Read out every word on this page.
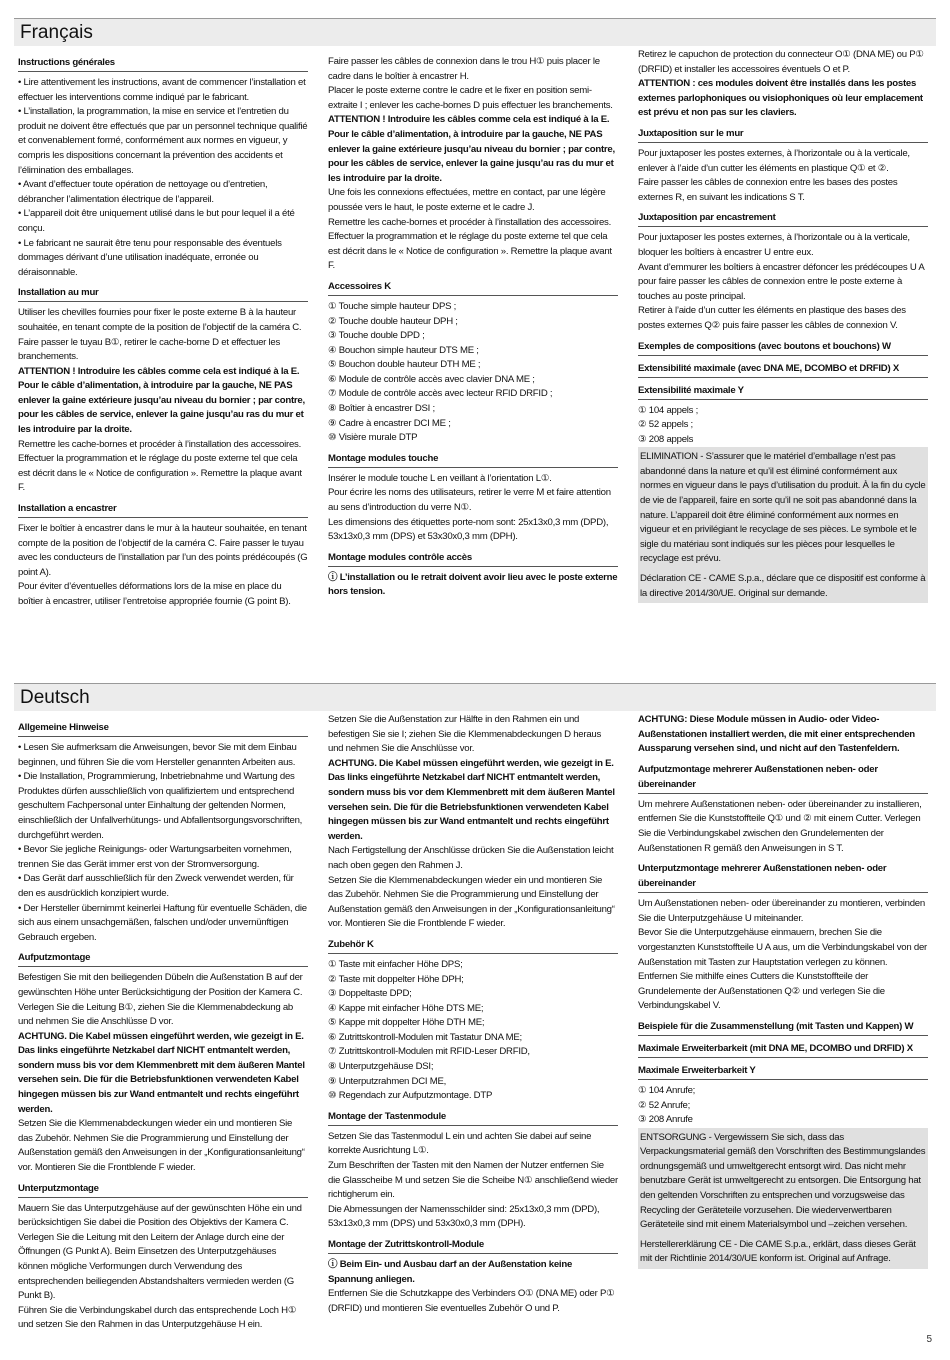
Français
Instructions générales

• Lire attentivement les instructions, avant de commencer l’installation et effectuer les interventions comme indiqué par le fabricant.

• L’installation, la programmation, la mise en service et l’entretien du produit ne doivent être effectués que par un personnel technique qualifié et convenablement formé, conformément aux normes en vigueur, y compris les dispositions concernant la prévention des accidents et l’élimination des emballages.

• Avant d’effectuer toute opération de nettoyage ou d’entretien, débrancher l’alimentation électrique de l’appareil.

• L’appareil doit être uniquement utilisé dans le but pour lequel il a été conçu.

• Le fabricant ne saurait être tenu pour responsable des éventuels dommages dérivant d’une utilisation inadéquate, erronée ou déraisonnable.

Installation au mur

Utiliser les chevilles fournies pour fixer le poste externe B à la hauteur souhaitée, en tenant compte de la position de l’objectif de la caméra C.

Faire passer le tuyau B①, retirer le cache-borne D et effectuer les branchements.

ATTENTION ! Introduire les câbles comme cela est indiqué à la E. Pour le câble d’alimentation, à introduire par la gauche, NE PAS enlever la gaine extérieure jusqu’au niveau du bornier ; par contre, pour les câbles de service, enlever la gaine jusqu’au ras du mur et les introduire par la droite.

Remettre les cache-bornes et procéder à l’installation des accessoires. Effectuer la programmation et le réglage du poste externe tel que cela est décrit dans le « Notice de configuration ». Remettre la plaque avant F.

Installation a encastrer

Fixer le boîtier à encastrer dans le mur à la hauteur souhaitée, en tenant compte de la position de l’objectif de la caméra C. Faire passer le tuyau avec les conducteurs de l’installation par l’un des points prédécoupés (G point A).

Pour éviter d’éventuelles déformations lors de la mise en place du boîtier à encastrer, utiliser l’entretoise appropriée fournie (G point B).

Faire passer les câbles de connexion dans le trou H① puis placer le cadre dans le boîtier à encastrer H.

Placer le poste externe contre le cadre et le fixer en position semi-extraite I ; enlever les cache-bornes D puis effectuer les branchements.

ATTENTION ! Introduire les câbles comme cela est indiqué à la E. Pour le câble d’alimentation, à introduire par la gauche, NE PAS enlever la gaine extérieure jusqu’au niveau du bornier ; par contre, pour les câbles de service, enlever la gaine jusqu’au ras du mur et les introduire par la droite.

Une fois les connexions effectuées, mettre en contact, par une légère poussée vers le haut, le poste externe et le cadre J.

Remettre les cache-bornes et procéder à l’installation des accessoires. Effectuer la programmation et le réglage du poste externe tel que cela est décrit dans le « Notice de configuration ». Remettre la plaque avant F.

Accessoires K

① Touche simple hauteur DPS ;

② Touche double hauteur DPH ;

③ Touche double DPD ;

④ Bouchon simple hauteur DTS ME ;

⑤ Bouchon double hauteur DTH ME ;

⑥ Module de contrôle accès avec clavier DNA ME ;

⑦ Module de contrôle accès avec lecteur RFID DRFID ;

⑧ Boîtier à encastrer DSI ;

⑨ Cadre à encastrer DCI ME ;

⑩ Visière murale DTP

Montage modules touche

Insérer le module touche L en veillant à l’orientation L①.

Pour écrire les noms des utilisateurs, retirer le verre M et faire attention au sens d’introduction du verre N①.

Les dimensions des étiquettes porte-nom sont: 25x13x0,3 mm (DPD), 53x13x0,3 mm (DPS) et 53x30x0,3 mm (DPH).

Montage modules contrôle accès

ⓘ L’installation ou le retrait doivent avoir lieu avec le poste externe hors tension.

Retirez le capuchon de protection du connecteur O① (DNA ME) ou P① (DRFID) et installer les accessoires éventuels O et P.

ATTENTION : ces modules doivent être installés dans les postes externes parlophoniques ou visiophoniques où leur emplacement est prévu et non pas sur les claviers.

Juxtaposition sur le mur

Pour juxtaposer les postes externes, à l’horizontale ou à la verticale, enlever à l’aide d’un cutter les éléments en plastique Q① et ②.

Faire passer les câbles de connexion entre les bases des postes externes R, en suivant les indications S T.

Juxtaposition par encastrement

Pour juxtaposer les postes externes, à l’horizontale ou à la verticale, bloquer les boîtiers à encastrer U entre eux.

Avant d’emmurer les boîtiers à encastrer défoncer les prédécoupes U A pour faire passer les câbles de connexion entre le poste externe à touches au poste principal.

Retirer à l’aide d’un cutter les éléments en plastique des bases des postes externes Q② puis faire passer les câbles de connexion V.

Exemples de compositions (avec boutons et bouchons) W
Extensibilité maximale (avec DNA ME, DCOMBO et DRFID) X
Extensibilité maximale Y

① 104 appels ;

② 52 appels ;

③ 208 appels

ELIMINATION - S’assurer que le matériel d’emballage n’est pas abandonné dans la nature et qu’il est éliminé conformément aux normes en vigueur dans le pays d’utilisation du produit. À la fin du cycle de vie de l’appareil, faire en sorte qu’il ne soit pas abandonné dans la nature. L’appareil doit être éliminé conformément aux normes en vigueur et en privilégiant le recyclage de ses pièces. Le symbole et le sigle du matériau sont indiqués sur les pièces pour lesquelles le recyclage est prévu.

Déclaration CE - CAME S.p.a., déclare que ce dispositif est conforme à la directive 2014/30/UE. Original sur demande.

Deutsch
Allgemeine Hinweise

• Lesen Sie aufmerksam die Anweisungen, bevor Sie mit dem Einbau beginnen, und führen Sie die vom Hersteller genannten Arbeiten aus.

• Die Installation, Programmierung, Inbetriebnahme und Wartung des Produktes dürfen ausschließlich von qualifiziertem und entsprechend geschultem Fachpersonal unter Einhaltung der geltenden Normen, einschließlich der Unfallverhütungs- und Abfallentsorgungsvorschriften, durchgeführt werden.

• Bevor Sie jegliche Reinigungs- oder Wartungsarbeiten vornehmen, trennen Sie das Gerät immer erst von der Stromversorgung.

• Das Gerät darf ausschließlich für den Zweck verwendet werden, für den es ausdrücklich konzipiert wurde.

• Der Hersteller übernimmt keinerlei Haftung für eventuelle Schäden, die sich aus einem unsachgemäßen, falschen und/oder unvernünftigen Gebrauch ergeben.

Aufputzmontage

Befestigen Sie mit den beiliegenden Dübeln die Außenstation B auf der gewünschten Höhe unter Berücksichtigung der Position der Kamera C. Verlegen Sie die Leitung B①, ziehen Sie die Klemmenabdeckung ab und nehmen Sie die Anschlüsse D vor.

ACHTUNG. Die Kabel müssen eingeführt werden, wie gezeigt in E. Das links eingeführte Netzkabel darf NICHT entmantelt werden, sondern muss bis vor dem Klemmenbrett mit dem äußeren Mantel versehen sein. Die für die Betriebsfunktionen verwendeten Kabel hingegen müssen bis zur Wand entmantelt und rechts eingeführt werden.

Setzen Sie die Klemmenabdeckungen wieder ein und montieren Sie das Zubehör. Nehmen Sie die Programmierung und Einstellung der Außenstation gemäß den Anweisungen in der „Konfigurationsanleitung“ vor. Montieren Sie die Frontblende F wieder.

Unterputzmontage

Mauern Sie das Unterputzgehäuse auf der gewünschten Höhe ein und berücksichtigen Sie dabei die Position des Objektivs der Kamera C. Verlegen Sie die Leitung mit den Leitern der Anlage durch eine der Öffnungen (G Punkt A). Beim Einsetzen des Unterputzgehäuses können mögliche Verformungen durch Verwendung des entsprechenden beiliegenden Abstandshalters vermieden werden (G Punkt B).

Führen Sie die Verbindungskabel durch das entsprechende Loch H① und setzen Sie den Rahmen in das Unterputzgehäuse H ein.

Setzen Sie die Außenstation zur Hälfte in den Rahmen ein und befestigen Sie sie I; ziehen Sie die Klemmenabdeckungen D heraus und nehmen Sie die Anschlüsse vor.

ACHTUNG. Die Kabel müssen eingeführt werden, wie gezeigt in E. Das links eingeführte Netzkabel darf NICHT entmantelt werden, sondern muss bis vor dem Klemmenbrett mit dem äußeren Mantel versehen sein. Die für die Betriebsfunktionen verwendeten Kabel hingegen müssen bis zur Wand entmantelt und rechts eingeführt werden.

Nach Fertigstellung der Anschlüsse drücken Sie die Außenstation leicht nach oben gegen den Rahmen J.

Setzen Sie die Klemmenabdeckungen wieder ein und montieren Sie das Zubehör. Nehmen Sie die Programmierung und Einstellung der Außenstation gemäß den Anweisungen in der „Konfigurationsanleitung“ vor. Montieren Sie die Frontblende F wieder.

Zubehör K

① Taste mit einfacher Höhe DPS;

② Taste mit doppelter Höhe DPH;

③ Doppeltaste DPD;

④ Kappe mit einfacher Höhe DTS ME;

⑤ Kappe mit doppelter Höhe DTH ME;

⑥ Zutrittskontroll-Modulen mit Tastatur DNA ME;

⑦ Zutrittskontroll-Modulen mit RFID-Leser DRFID,

⑧ Unterputzgehäuse DSI;

⑨ Unterputzrahmen DCI ME,

⑩ Regendach zur Aufputzmontage. DTP

Montage der Tastenmodule

Setzen Sie das Tastenmodul L ein und achten Sie dabei auf seine korrekte Ausrichtung L①.

Zum Beschriften der Tasten mit den Namen der Nutzer entfernen Sie die Glasscheibe M und setzen Sie die Scheibe N① anschließend wieder richtigherum ein.

Die Abmessungen der Namensschilder sind: 25x13x0,3 mm (DPD), 53x13x0,3 mm (DPS) und 53x30x0,3 mm (DPH).

Montage der Zutrittskontroll-Module

ⓘ Beim Ein- und Ausbau darf an der Außenstation keine Spannung anliegen.

Entfernen Sie die Schutzkappe des Verbinders O① (DNA ME) oder P① (DRFID) und montieren Sie eventuelles Zubehör O und P.

ACHTUNG: Diese Module müssen in Audio- oder Video-Außenstationen installiert werden, die mit einer entsprechenden Aussparung versehen sind, und nicht auf den Tastenfeldern.

Aufputzmontage mehrerer Außenstationen neben- oder übereinander

Um mehrere Außenstationen neben- oder übereinander zu installieren, entfernen Sie die Kunststoffteile Q① und ② mit einem Cutter. Verlegen Sie die Verbindungskabel zwischen den Grundelementen der Außenstationen R gemäß den Anweisungen in S T.

Unterputzmontage mehrerer Außenstationen neben- oder übereinander

Um Außenstationen neben- oder übereinander zu montieren, verbinden Sie die Unterputzgehäuse U miteinander.

Bevor Sie die Unterputzgehäuse einmauern, brechen Sie die vorgestanzten Kunststoffteile U A aus, um die Verbindungskabel von der Außenstation mit Tasten zur Hauptstation verlegen zu können.

Entfernen Sie mithilfe eines Cutters die Kunststoffteile der Grundelemente der Außenstationen Q② und verlegen Sie die Verbindungskabel V.

Beispiele für die Zusammenstellung (mit Tasten und Kappen) W
Maximale Erweiterbarkeit (mit DNA ME, DCOMBO und DRFID) X
Maximale Erweiterbarkeit Y

① 104 Anrufe;

② 52 Anrufe;

③ 208 Anrufe

ENTSORGUNG - Vergewissern Sie sich, dass das Verpackungsmaterial gemäß den Vorschriften des Bestimmungslandes ordnungsgemäß und umweltgerecht entsorgt wird. Das nicht mehr benutzbare Gerät ist umweltgerecht zu entsorgen. Die Entsorgung hat den geltenden Vorschriften zu entsprechen und vorzugsweise das Recycling der Geräteteile vorzusehen. Die wiederverwertbaren Geräteteile sind mit einem Materialsymbol und –zeichen versehen.

Herstellererklärung CE - Die CAME S.p.a., erklärt, dass dieses Gerät mit der Richtlinie 2014/30/UE konform ist. Original auf Anfrage.

5
